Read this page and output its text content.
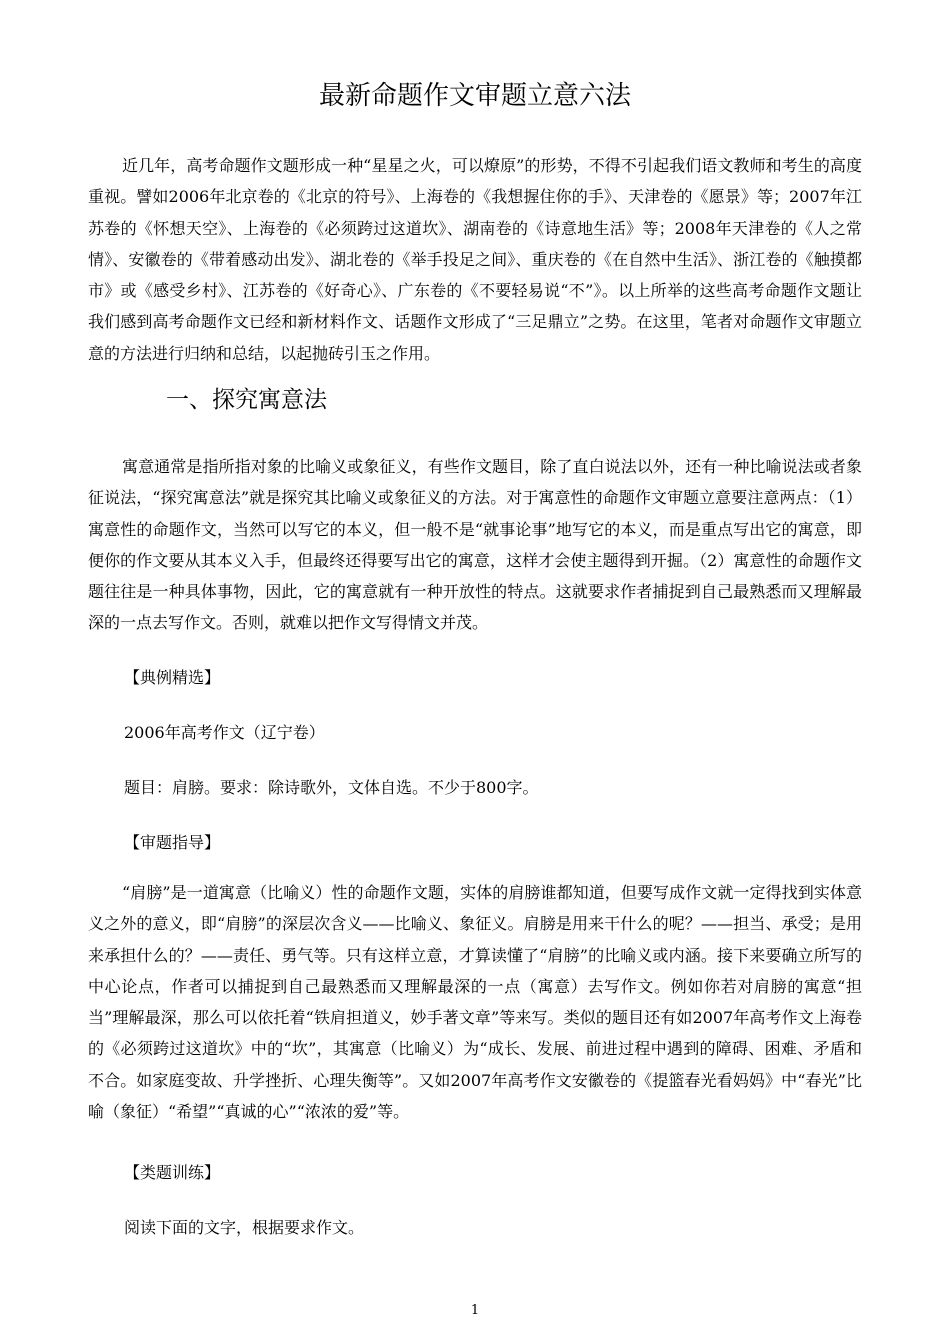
最新命题作文审题立意六法

近几年，高考命题作文题形成一种“星星之火，可以燎原”的形势，不得不引起我们语文教师和考生的高度重视。譬如2006年北京卷的《北京的符号》、上海卷的《我想握住你的手》、天津卷的《愿景》等；2007年江苏卷的《怀想天空》、上海卷的《必须跨过这道坎》、湖南卷的《诗意地生活》等；2008年天津卷的《人之常情》、安徽卷的《带着感动出发》、湖北卷的《举手投足之间》、重庆卷的《在自然中生活》、浙江卷的《触摸都市》或《感受乡村》、江苏卷的《好奇心》、广东卷的《不要轻易说“不”》。以上所举的这些高考命题作文题让我们感到高考命题作文已经和新材料作文、话题作文形成了“三足鼎立”之势。在这里，笔者对命题作文审题立意的方法进行归纳和总结，以起抛砖引玉之作用。

一、探究寓意法

寓意通常是指所指对象的比喻义或象征义，有些作文题目，除了直白说法以外，还有一种比喻说法或者象征说法，“探究寓意法”就是探究其比喻义或象征义的方法。对于寓意性的命题作文审题立意要注意两点：（1）寓意性的命题作文，当然可以写它的本义，但一般不是“就事论事”地写它的本义，而是重点写出它的寓意，即便你的作文要从其本义入手，但最终还得要写出它的寓意，这样才会使主题得到开掘。（2）寓意性的命题作文题往往是一种具体事物，因此，它的寓意就有一种开放性的特点。这就要求作者捕捉到自己最熟悉而又理解最深的一点去写作文。否则，就难以把作文写得情文并茂。

【典例精选】

2006年高考作文（辽宁卷）

题目：肩膀。要求：除诗歌外，文体自选。不少于800字。

【审题指导】

“肩膀”是一道寓意（比喻义）性的命题作文题，实体的肩膀谁都知道，但要写成作文就一定得找到实体意义之外的意义，即“肩膀”的深层次含义——比喻义、象征义。肩膀是用来干什么的呢？——担当、承受；是用来承担什么的？——责任、勇气等。只有这样立意，才算读懂了“肩膀”的比喻义或内涵。接下来要确立所写的中心论点，作者可以捕捉到自己最熟悉而又理解最深的一点（寓意）去写作文。例如你若对肩膀的寓意“担当”理解最深，那么可以依托着“铁肩担道义，妙手著文章”等来写。类似的题目还有如2007年高考作文上海卷的《必须跨过这道坎》中的“坎”，其寓意（比喻义）为“成长、发展、前进过程中遇到的障碍、困难、矛盾和不合。如家庭变故、升学挫折、心理失衡等”。又如2007年高考作文安徽卷的《提篮春光看妈妈》中“春光”比喻（象征）“希望”“真诚的心”“浓浓的爱”等。

【类题训练】

阅读下面的文字，根据要求作文。

1
